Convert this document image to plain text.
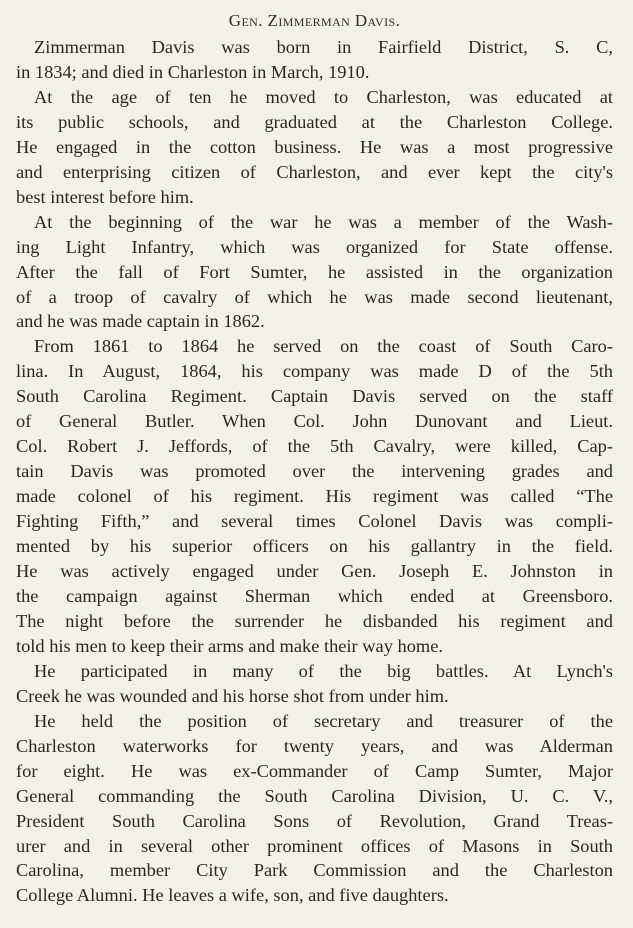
Gen. Zimmerman Davis.

Zimmerman Davis was born in Fairfield District, S. C,
in 1834; and died in Charleston in March, 1910.

At the age of ten he moved to Charleston, was educated at
its public schools, and graduated at the Charleston College.
He engaged in the cotton business. He was a most progressive
and enterprising citizen of Charleston, and ever kept the city's
best interest before him.

At the beginning of the war he was a member of the Wash-
ing Light Infantry, which was organized for State offense.
After the fall of Fort Sumter, he assisted in the organization
of a troop of cavalry of which he was made second lieutenant,
and he was made captain in 1862.

From 1861 to 1864 he served on the coast of South Caro-
lina. In August, 1864, his company was made D of the 5th
South Carolina Regiment. Captain Davis served on the staff
of General Butler. When Col. John Dunovant and Lieut.
Col. Robert J. Jeffords, of the 5th Cavalry, were killed, Cap-
tain Davis was promoted over the intervening grades and
made colonel of his regiment. His regiment was called “The
Fighting Fifth,” and several times Colonel Davis was compli-
mented by his superior officers on his gallantry in the field.
He was actively engaged under Gen. Joseph E. Johnston in
the campaign against Sherman which ended at Greensboro.
The night before the surrender he disbanded his regiment and
told his men to keep their arms and make their way home.

He participated in many of the big battles. At Lynch's
Creek he was wounded and his horse shot from under him.

He held the position of secretary and treasurer of the
Charleston waterworks for twenty years, and was Alderman
for eight. He was ex-Commander of Camp Sumter, Major
General commanding the South Carolina Division, U. C. V.,
President South Carolina Sons of Revolution, Grand Treas-
urer and in several other prominent offices of Masons in South
Carolina, member City Park Commission and the Charleston
College Alumni. He leaves a wife, son, and five daughters.
